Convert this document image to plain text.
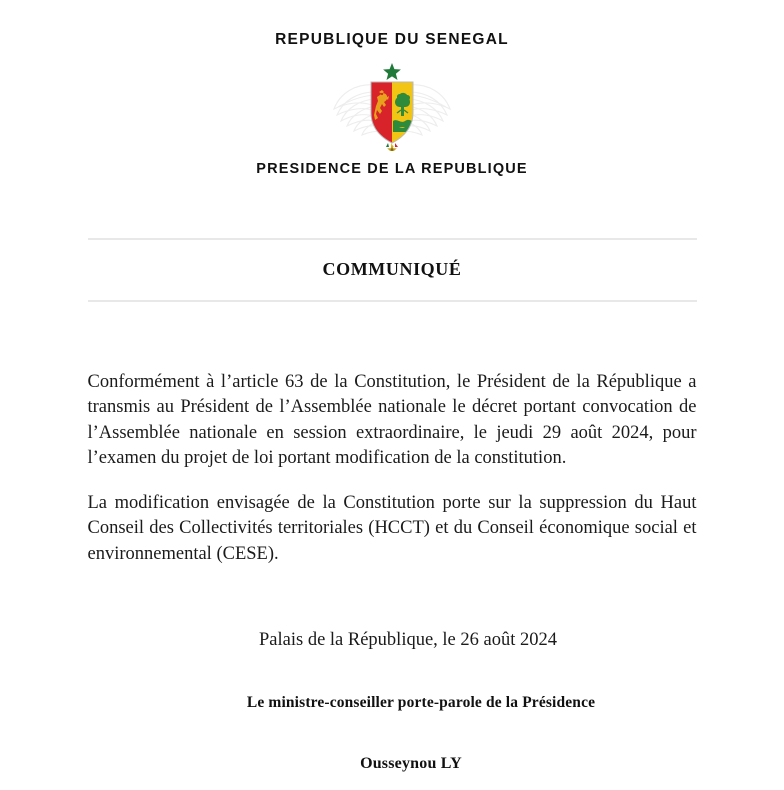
REPUBLIQUE DU SENEGAL
PRESIDENCE DE LA REPUBLIQUE
COMMUNIQUÉ

Conformément à l’article 63 de la Constitution, le Président de la République a transmis au Président de l’Assemblée nationale le décret portant convocation de l’Assemblée nationale en session extraordinaire, le jeudi 29 août 2024, pour l’examen du projet de loi portant modification de la constitution.

La modification envisagée de la Constitution porte sur la suppression du Haut Conseil des Collectivités territoriales (HCCT) et du Conseil économique social et environnemental (CESE).

Palais de la République, le 26 août 2024
Le ministre-conseiller porte-parole de la Présidence
Ousseynou LY
